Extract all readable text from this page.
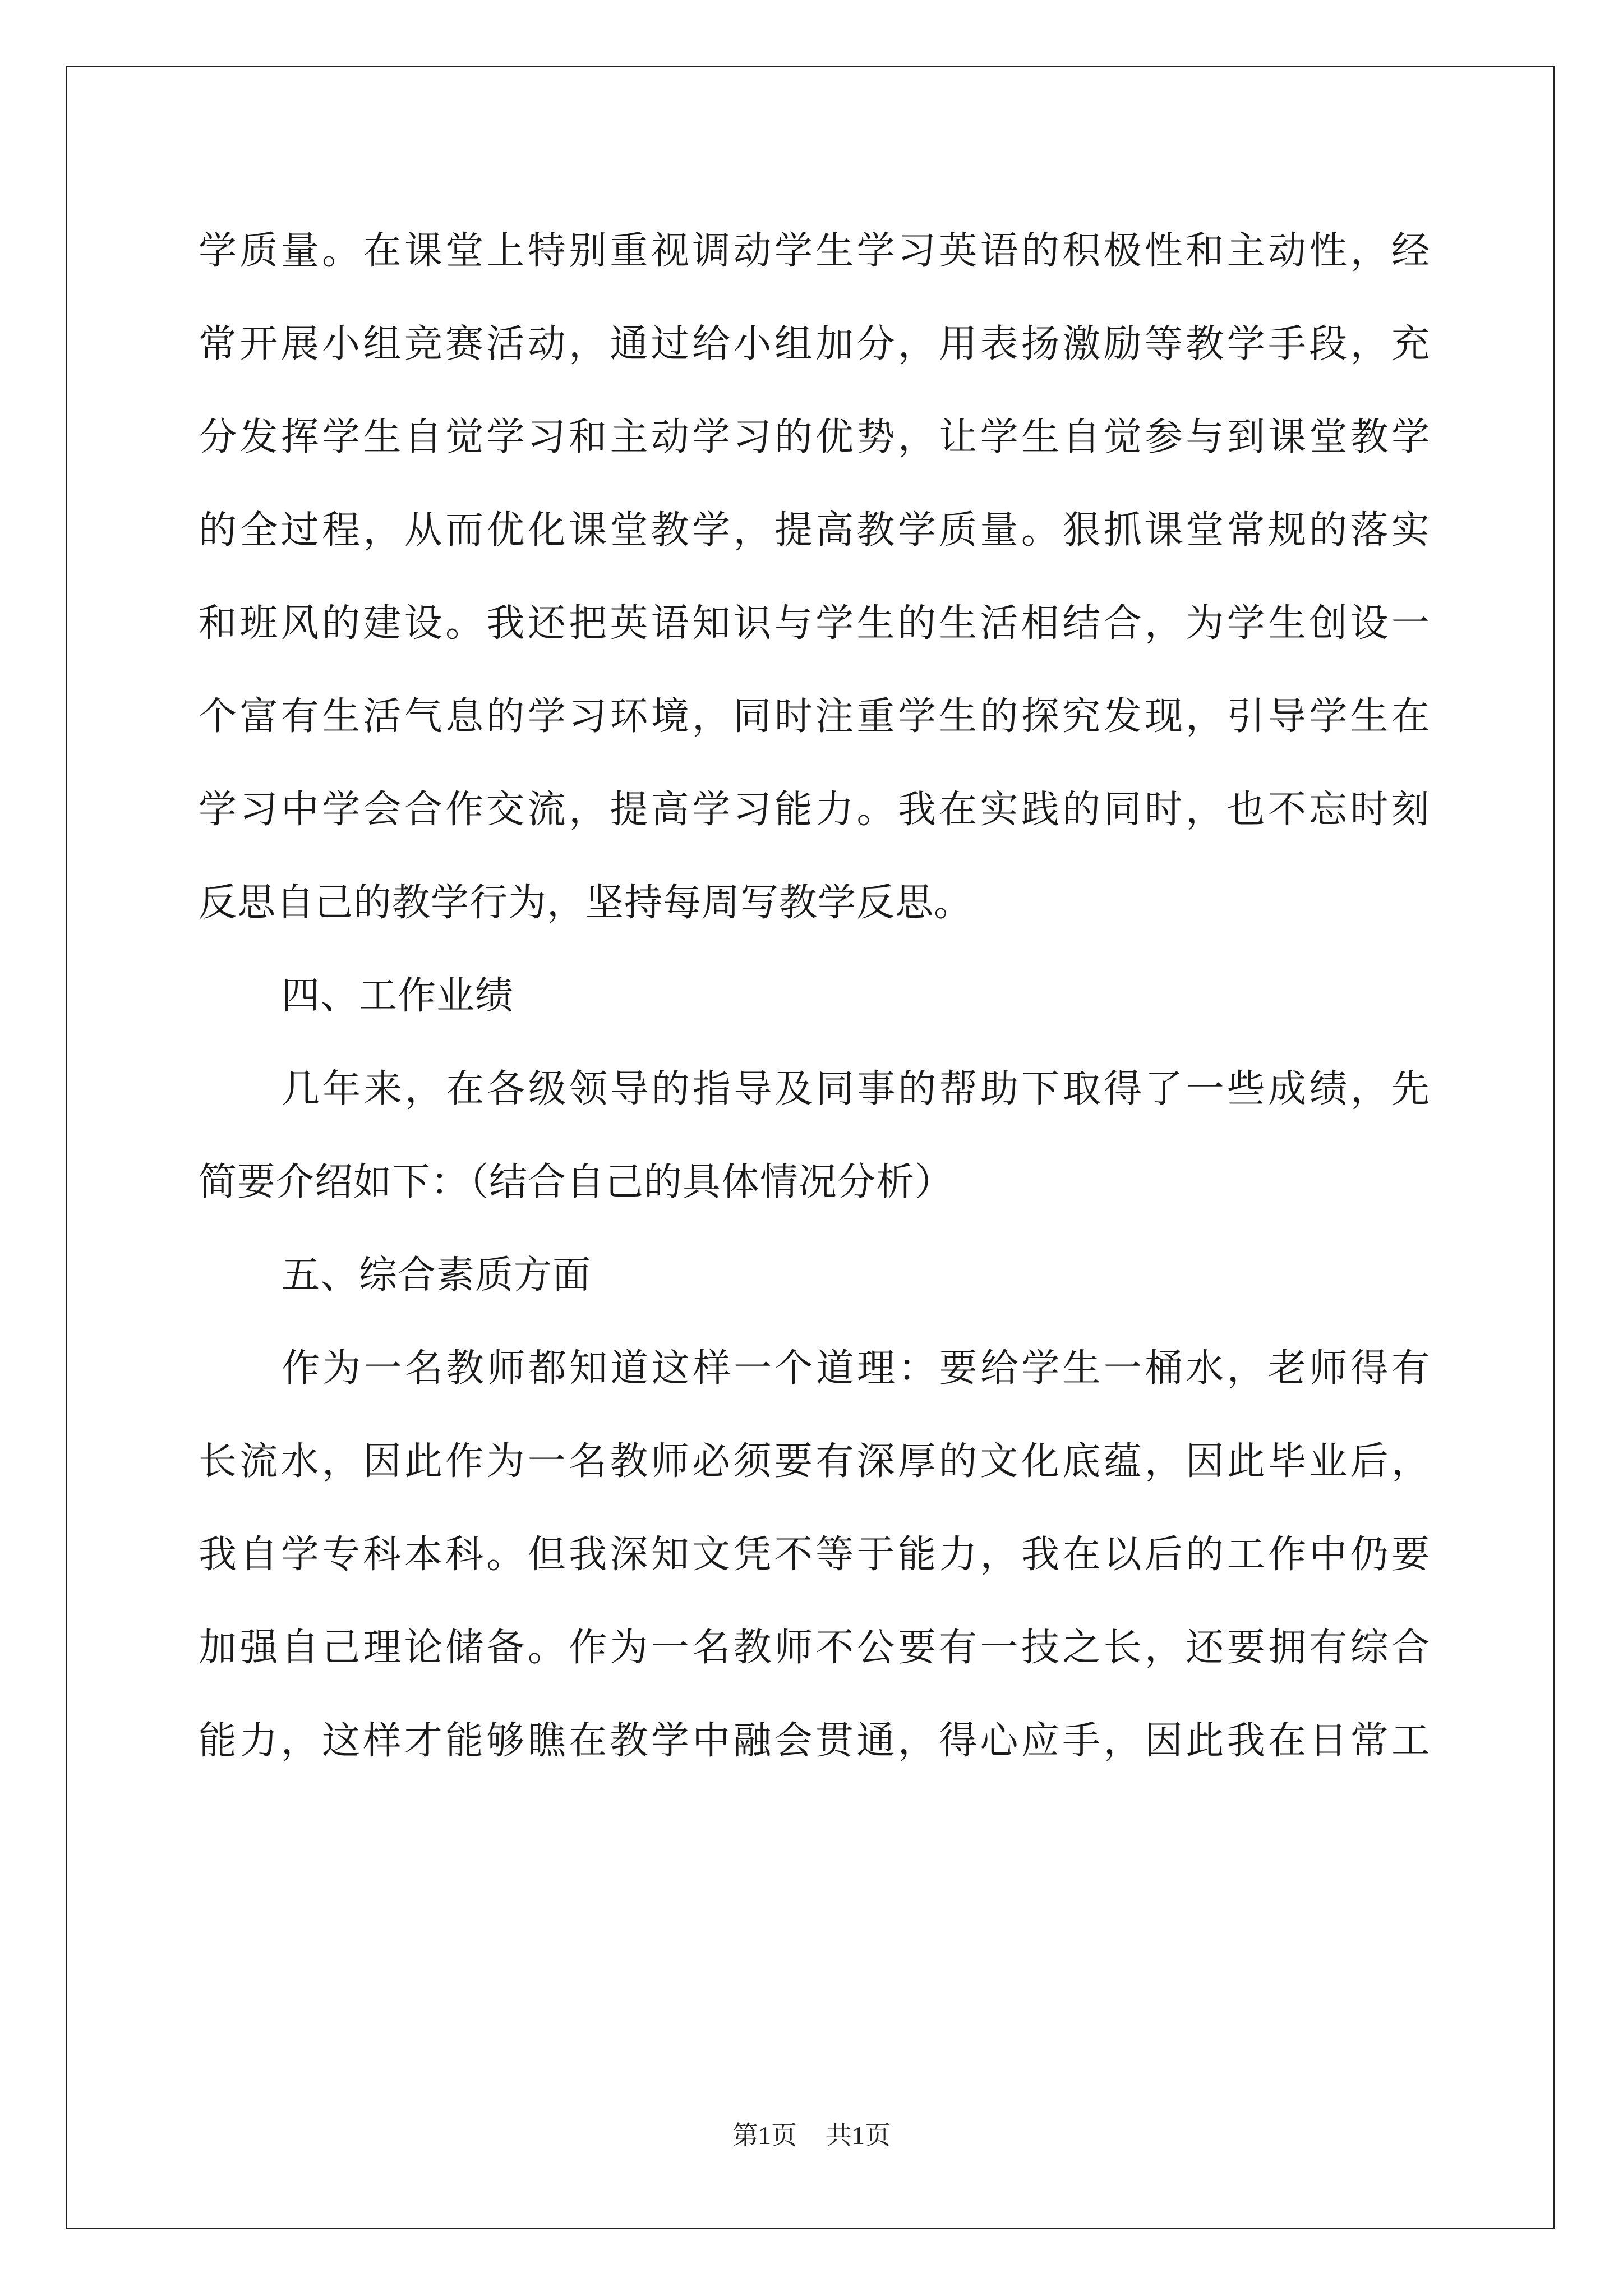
学质量。在课堂上特别重视调动学生学习英语的积极性和主动性，经
常开展小组竞赛活动，通过给小组加分，用表扬激励等教学手段，充
分发挥学生自觉学习和主动学习的优势，让学生自觉参与到课堂教学
的全过程，从而优化课堂教学，提高教学质量。狠抓课堂常规的落实
和班风的建设。我还把英语知识与学生的生活相结合，为学生创设一
个富有生活气息的学习环境，同时注重学生的探究发现，引导学生在
学习中学会合作交流，提高学习能力。我在实践的同时，也不忘时刻
反思自己的教学行为，坚持每周写教学反思。
四、工作业绩
几年来，在各级领导的指导及同事的帮助下取得了一些成绩，先
简要介绍如下：（结合自己的具体情况分析）
五、综合素质方面
作为一名教师都知道这样一个道理：要给学生一桶水，老师得有
长流水，因此作为一名教师必须要有深厚的文化底蕴，因此毕业后，
我自学专科本科。但我深知文凭不等于能力，我在以后的工作中仍要
加强自己理论储备。作为一名教师不公要有一技之长，还要拥有综合
能力，这样才能够瞧在教学中融会贯通，得心应手，因此我在日常工
第1页 共1页
